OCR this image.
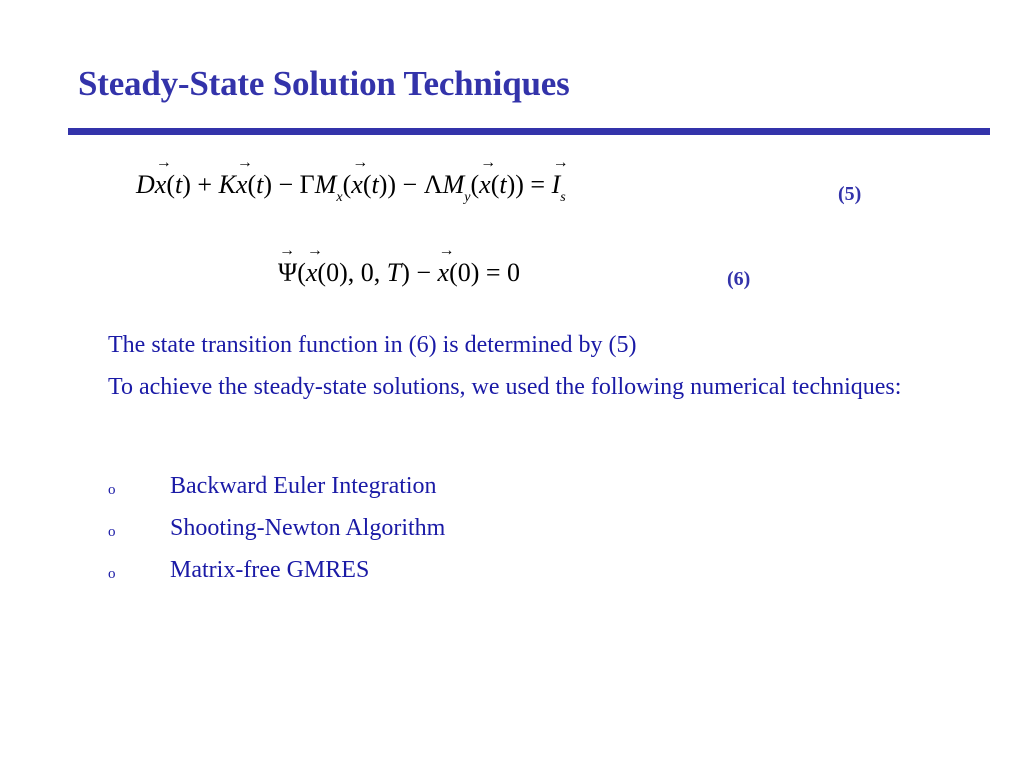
Steady-State Solution Techniques
$D\to x(t) + K\to x(t) - \Gamma M_x(\to x(t)) - \Lambda M_y(\to x(t))$ = → $I_s$	(5)
→ Ψ(→ x(0), 0, T) − → x(0) = 0	(6)
The state transition function in (6) is determined by (5)
To achieve the steady-state solutions, we used the following numerical techniques:
o Backward Euler Integration
o Shooting-Newton Algorithm
o Matrix-free GMRES
